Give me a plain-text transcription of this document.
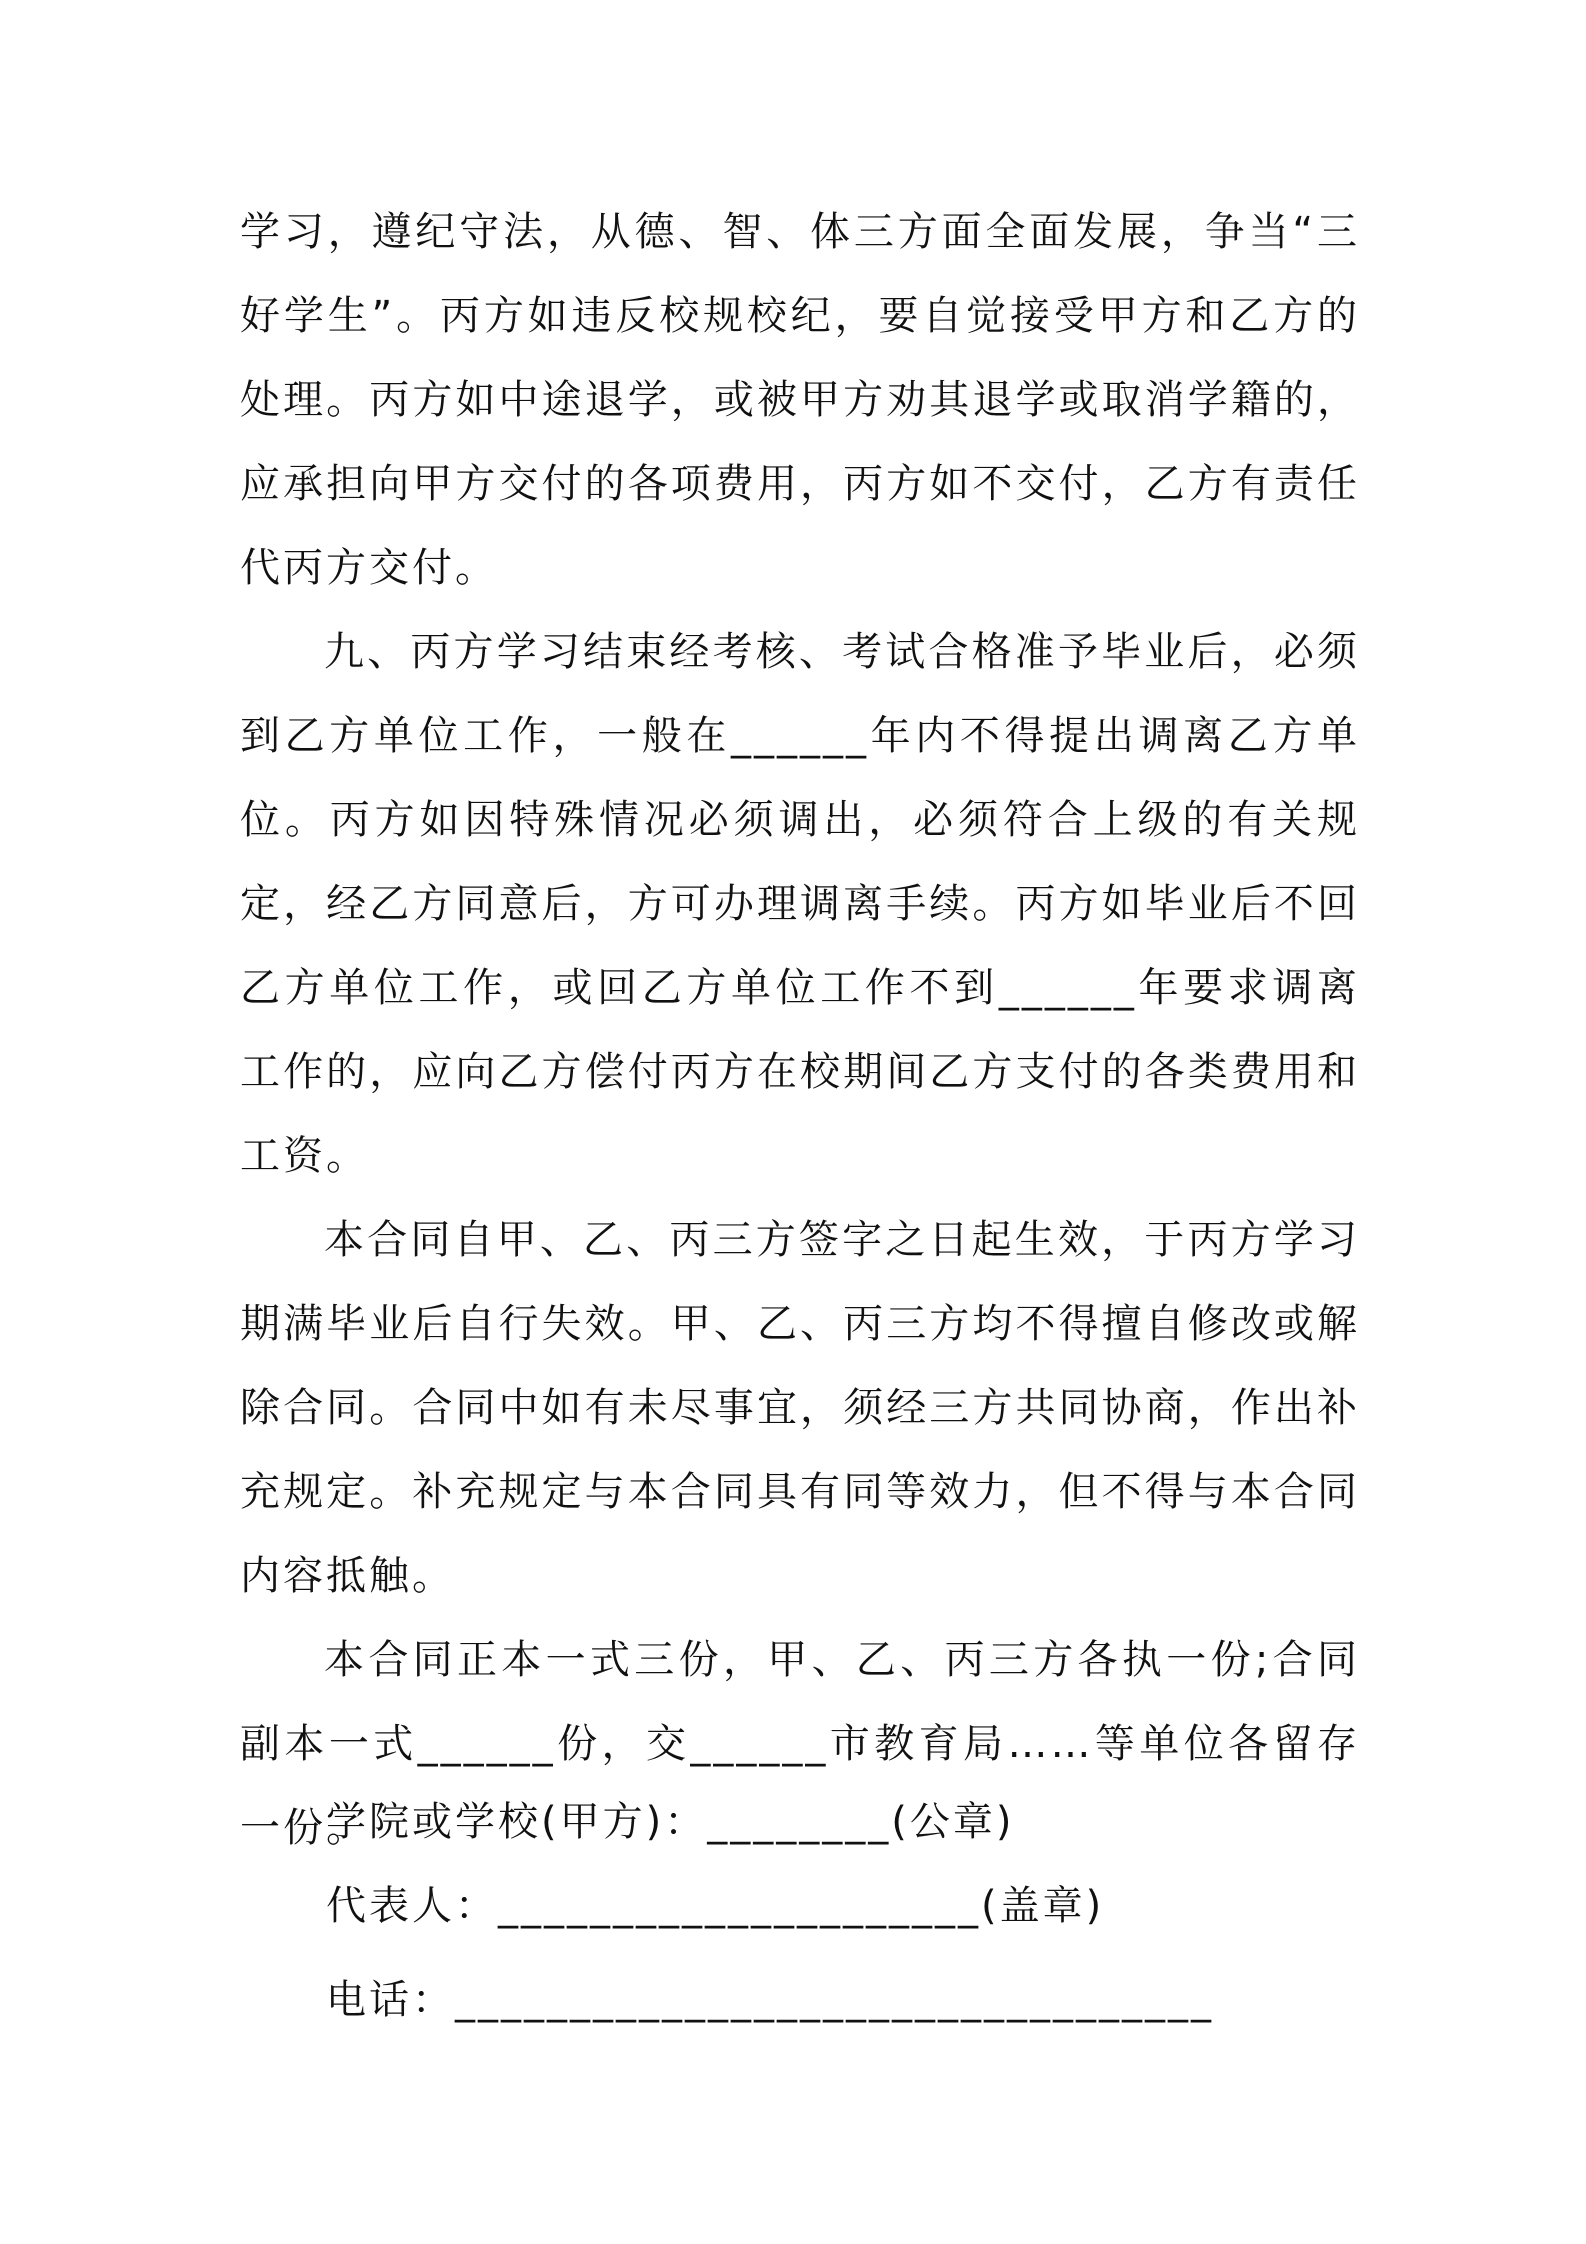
学习，遵纪守法，从德、智、体三方面全面发展，争当“三好学生”。丙方如违反校规校纪，要自觉接受甲方和乙方的处理。丙方如中途退学，或被甲方劝其退学或取消学籍的，应承担向甲方交付的各项费用，丙方如不交付，乙方有责任代丙方交付。

九、丙方学习结束经考核、考试合格准予毕业后，必须到乙方单位工作，一般在______年内不得提出调离乙方单位。丙方如因特殊情况必须调出，必须符合上级的有关规定，经乙方同意后，方可办理调离手续。丙方如毕业后不回乙方单位工作，或回乙方单位工作不到______年要求调离工作的，应向乙方偿付丙方在校期间乙方支付的各类费用和工资。

本合同自甲、乙、丙三方签字之日起生效，于丙方学习期满毕业后自行失效。甲、乙、丙三方均不得擅自修改或解除合同。合同中如有未尽事宜，须经三方共同协商，作出补充规定。补充规定与本合同具有同等效力，但不得与本合同内容抵触。

本合同正本一式三份，甲、乙、丙三方各执一份;合同副本一式______份，交______市教育局……等单位各留存一份。

学院或学校(甲方)：________(公章)

代表人：_____________________(盖章)

电话：_________________________________
